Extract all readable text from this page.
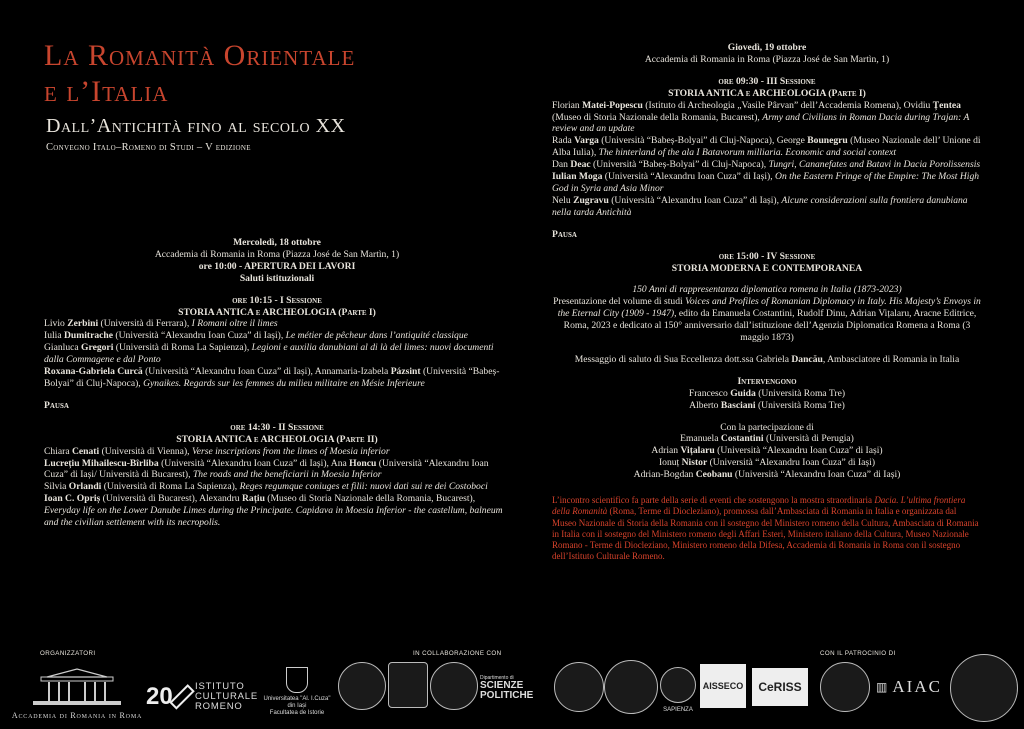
La Romanità Orientale
e l’Italia
Dall’Antichità fino al secolo XX
Convegno Italo–Romeno di Studi – V edizione

Mercoledì, 18 ottobre

Accademia di Romania in Roma (Piazza José de San Martìn, 1)

ore 10:00 - APERTURA DEI LAVORI

Saluti istituzionali

ore 10:15 - I Sessione

STORIA ANTICA e ARCHEOLOGIA (Parte I)

Livio Zerbini (Università di Ferrara), I Romani oltre il limes

Iulia Dumitrache (Università “Alexandru Ioan Cuza” di Iași), Le métier de pêcheur dans l’antiquité classique

Gianluca Gregori (Università di Roma La Sapienza), Legioni e auxilia danubiani al di là del limes: nuovi documenti dalla Commagene e dal Ponto

Roxana-Gabriela Curcă (Università “Alexandru Ioan Cuza” di Iași), Annamaria-Izabela Pázsint (Università “Babeș-Bolyai” di Cluj-Napoca), Gynaikes. Regards sur les femmes du milieu militaire en Mésie Inferieure

Pausa

ore 14:30 - II Sessione

STORIA ANTICA e ARCHEOLOGIA (Parte II)

Chiara Cenati (Università di Vienna), Verse inscriptions from the limes of Moesia inferior

Lucrețiu Mihailescu-Bîrliba (Università “Alexandru Ioan Cuza” di Iași), Ana Honcu (Università “Alexandru Ioan Cuza” di Iași/ Università di Bucarest), The roads and the beneficiarii in Moesia Inferior

Silvia Orlandi (Università di Roma La Sapienza), Reges regumque coniuges et filii: nuovi dati sui re dei Costoboci

Ioan C. Opriș (Università di Bucarest), Alexandru Rațiu (Museo di Storia Nazionale della Romania, Bucarest), Everyday life on the Lower Danube Limes during the Principate. Capidava in Moesia Inferior - the castellum, balneum and the civilian settlement with its necropolis.

Giovedì, 19 ottobre

Accademia di Romania in Roma (Piazza José de San Martìn, 1)

ore 09:30 - III Sessione

STORIA ANTICA e ARCHEOLOGIA (Parte I)

Florian Matei-Popescu (Istituto di Archeologia „Vasile Pârvan” dell’Accademia Romena), Ovidiu Țentea (Museo di Storia Nazionale della Romania, Bucarest), Army and Civilians in Roman Dacia during Trajan: A review and an update

Rada Varga (Università “Babeș-Bolyai” di Cluj-Napoca), George Bounegru (Museo Nazionale dell’ Unione di Alba Iulia), The hinterland of the ala I Batavorum milliaria. Economic and social context

Dan Deac (Università “Babeș-Bolyai” di Cluj-Napoca), Tungri, Cananefates and Batavi in Dacia Porolissensis

Iulian Moga (Università “Alexandru Ioan Cuza” di Iași), On the Eastern Fringe of the Empire: The Most High God in Syria and Asia Minor

Nelu Zugravu (Università “Alexandru Ioan Cuza” di Iași), Alcune considerazioni sulla frontiera danubiana nella tarda Antichità

Pausa

ore 15:00 - IV Sessione

STORIA MODERNA E CONTEMPORANEA

150 Anni di rappresentanza diplomatica romena in Italia (1873-2023)

Presentazione del volume di studi Voices and Profiles of Romanian Diplomacy in Italy. His Majesty’s Envoys in the Eternal City (1909 - 1947), edito da Emanuela Costantini, Rudolf Dinu, Adrian Vițalaru, Aracne Editrice, Roma, 2023 e dedicato al 150° anniversario dall’istituzione dell’Agenzia Diplomatica Romena a Roma (3 maggio 1873)

Messaggio di saluto di Sua Eccellenza dott.ssa Gabriela Dancău, Ambasciatore di Romania in Italia

Intervengono

Francesco Guida (Università Roma Tre)

Alberto Basciani (Università Roma Tre)

Con la partecipazione di

Emanuela Costantini (Università di Perugia)

Adrian Vițalaru (Università “Alexandru Ioan Cuza” di Iași)

Ionuț Nistor (Università “Alexandru Ioan Cuza” di Iași)

Adrian-Bogdan Ceobanu (Università “Alexandru Ioan Cuza” di Iași)

L’incontro scientifico fa parte della serie di eventi che sostengono la mostra straordinaria Dacia. L’ultima frontiera della Romanità (Roma, Terme di Diocleziano), promossa dall’Ambasciata di Romania in Italia e organizzata dal Museo Nazionale di Storia della Romania con il sostegno del Ministero romeno della Cultura, Ambasciata di Romania in Italia con il sostegno del Ministero romeno degli Affari Esteri, Ministero italiano della Cultura, Museo Nazionale Romano - Terme di Diocleziano, Ministero romeno della Difesa, Accademia di Romania in Roma con il sostegno dell’Istituto Culturale Romeno.

ORGANIZZATORI	IN COLLABORAZIONE CON	CON IL PATROCINIO DI
Accademia di Romania in Roma
20 ISTITUTO
CULTURALE
ROMENO
Universitatea "Al. I.Cuza"
din Iași
Facultatea de Istorie
Dipartimento di
SCIENZE
POLITICHE
SAPIENZA
AISSECO	CeRISS	▥ AIAC
